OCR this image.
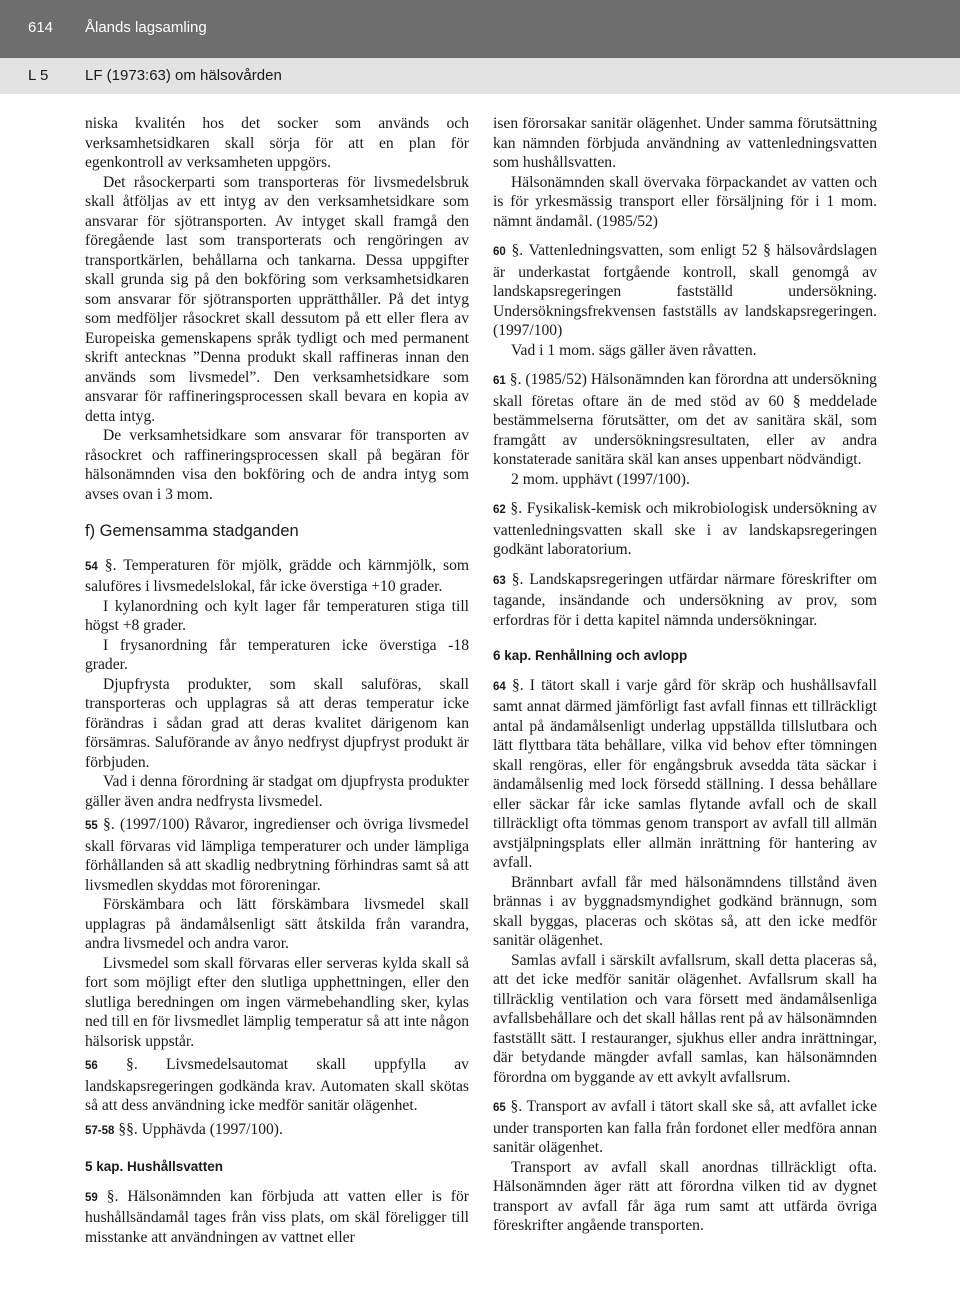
614 Ålands lagsamling
L 5 LF (1973:63) om hälsovården

niska kvalitén hos det socker som används och verksamhetsidkaren skall sörja för att en plan för egenkontroll av verksamheten uppgörs.

Det råsockerparti som transporteras för livsmedelsbruk skall åtföljas av ett intyg av den verksamhetsidkare som ansvarar för sjötransporten. Av intyget skall framgå den föregående last som transporterats och rengöringen av transportkärlen, behållarna och tankarna. Dessa uppgifter skall grunda sig på den bokföring som verksamhetsidkaren som ansvarar för sjötransporten upprätthåller. På det intyg som medföljer råsockret skall dessutom på ett eller flera av Europeiska gemenskapens språk tydligt och med permanent skrift antecknas ”Denna produkt skall raffineras innan den används som livsmedel”. Den verksamhetsidkare som ansvarar för raffineringsprocessen skall bevara en kopia av detta intyg.

De verksamhetsidkare som ansvarar för transporten av råsockret och raffineringsprocessen skall på begäran för hälsonämnden visa den bokföring och de andra intyg som avses ovan i 3 mom.

f) Gemensamma stadganden

54 §. Temperaturen för mjölk, grädde och kärnmjölk, som saluföres i livsmedelslokal, får icke överstiga +10 grader.

I kylanordning och kylt lager får temperaturen stiga till högst +8 grader.

I frysanordning får temperaturen icke överstiga -18 grader.

Djupfrysta produkter, som skall saluföras, skall transporteras och upplagras så att deras temperatur icke förändras i sådan grad att deras kvalitet därigenom kan försämras. Saluförande av ånyo nedfryst djupfryst produkt är förbjuden.

Vad i denna förordning är stadgat om djupfrysta produkter gäller även andra nedfrysta livsmedel.

55 §. (1997/100) Råvaror, ingredienser och övriga livsmedel skall förvaras vid lämpliga temperaturer och under lämpliga förhållanden så att skadlig nedbrytning förhindras samt så att livsmedlen skyddas mot föroreningar.

Förskämbara och lätt förskämbara livsmedel skall upplagras på ändamålsenligt sätt åtskilda från varandra, andra livsmedel och andra varor.

Livsmedel som skall förvaras eller serveras kylda skall så fort som möjligt efter den slutliga upphettningen, eller den slutliga beredningen om ingen värmebehandling sker, kylas ned till en för livsmedlet lämplig temperatur så att inte någon hälsorisk uppstår.

56 §. Livsmedelsautomat skall uppfylla av landskapsregeringen godkända krav. Automaten skall skötas så att dess användning icke medför sanitär olägenhet.

57-58 §§. Upphävda (1997/100).

5 kap. Hushållsvatten

59 §. Hälsonämnden kan förbjuda att vatten eller is för hushållsändamål tages från viss plats, om skäl föreligger till misstanke att användningen av vattnet eller

isen förorsakar sanitär olägenhet. Under samma förutsättning kan nämnden förbjuda användning av vattenledningsvatten som hushållsvatten.

Hälsonämnden skall övervaka förpackandet av vatten och is för yrkesmässig transport eller försäljning för i 1 mom. nämnt ändamål. (1985/52)

60 §. Vattenledningsvatten, som enligt 52 § hälsovårdslagen är underkastat fortgående kontroll, skall genomgå av landskapsregeringen fastställd undersökning. Undersökningsfrekvensen fastställs av landskapsregeringen. (1997/100)

Vad i 1 mom. sägs gäller även råvatten.

61 §. (1985/52) Hälsonämnden kan förordna att undersökning skall företas oftare än de med stöd av 60 § meddelade bestämmelserna förutsätter, om det av sanitära skäl, som framgått av undersökningsresultaten, eller av andra konstaterade sanitära skäl kan anses uppenbart nödvändigt.

2 mom. upphävt (1997/100).

62 §. Fysikalisk-kemisk och mikrobiologisk undersökning av vattenledningsvatten skall ske i av landskapsregeringen godkänt laboratorium.

63 §. Landskapsregeringen utfärdar närmare föreskrifter om tagande, insändande och undersökning av prov, som erfordras för i detta kapitel nämnda undersökningar.

6 kap. Renhållning och avlopp

64 §. I tätort skall i varje gård för skräp och hushållsavfall samt annat därmed jämförligt fast avfall finnas ett tillräckligt antal på ändamålsenligt underlag uppställda tillslutbara och lätt flyttbara täta behållare, vilka vid behov efter tömningen skall rengöras, eller för engångsbruk avsedda täta säckar i ändamålsenlig med lock försedd ställning. I dessa behållare eller säckar får icke samlas flytande avfall och de skall tillräckligt ofta tömmas genom transport av avfall till allmän avstjälpningsplats eller allmän inrättning för hantering av avfall.

Brännbart avfall får med hälsonämndens tillstånd även brännas i av byggnadsmyndighet godkänd brännugn, som skall byggas, placeras och skötas så, att den icke medför sanitär olägenhet.

Samlas avfall i särskilt avfallsrum, skall detta placeras så, att det icke medför sanitär olägenhet. Avfallsrum skall ha tillräcklig ventilation och vara försett med ändamålsenliga avfallsbehållare och det skall hållas rent på av hälsonämnden fastställt sätt. I restauranger, sjukhus eller andra inrättningar, där betydande mängder avfall samlas, kan hälsonämnden förordna om byggande av ett avkylt avfallsrum.

65 §. Transport av avfall i tätort skall ske så, att avfallet icke under transporten kan falla från fordonet eller medföra annan sanitär olägenhet.

Transport av avfall skall anordnas tillräckligt ofta. Hälsonämnden äger rätt att förordna vilken tid av dygnet transport av avfall får äga rum samt att utfärda övriga föreskrifter angående transporten.
